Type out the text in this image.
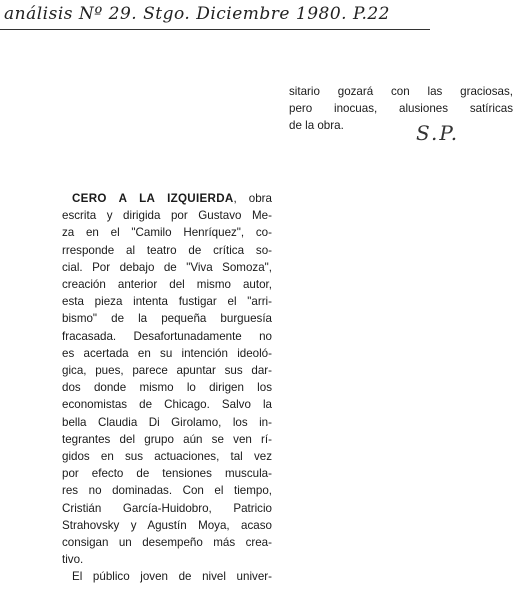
análisis Nº 29. Stgo. Diciembre 1980. P.22
sitario gozará con las graciosas,
pero inocuas, alusiones satíricas
de la obra.	S.P.
CERO A LA IZQUIERDA, obra
escrita y dirigida por Gustavo Me-
za en el "Camilo Henríquez", co-
rresponde al teatro de crítica so-
cial. Por debajo de "Viva Somoza",
creación anterior del mismo autor,
esta pieza intenta fustigar el "arri-
bismo" de la pequeña burguesía
fracasada. Desafortunadamente no
es acertada en su intención ideoló-
gica, pues, parece apuntar sus dar-
dos donde mismo lo dirigen los
economistas de Chicago. Salvo la
bella Claudia Di Girolamo, los in-
tegrantes del grupo aún se ven rí-
gidos en sus actuaciones, tal vez
por efecto de tensiones muscula-
res no dominadas. Con el tiempo,
Cristián García-Huidobro, Patricio
Strahovsky y Agustín Moya, acaso
consigan un desempeño más crea-
tivo.
El público joven de nivel univer-
